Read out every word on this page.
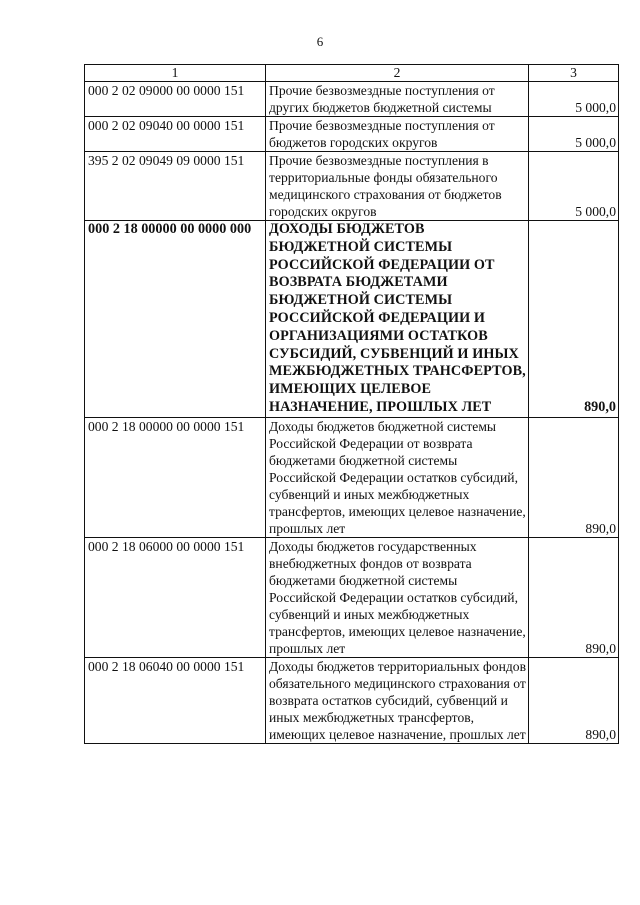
6
1	2	3
000 2 02 09000 00 0000 151	Прочие безвозмездные поступления от других бюджетов бюджетной системы	5 000,0
000 2 02 09040 00 0000 151	Прочие безвозмездные поступления от бюджетов городских округов	5 000,0
395 2 02 09049 09 0000 151	Прочие безвозмездные поступления в территориальные фонды обязательного медицинского страхования от бюджетов городских округов	5 000,0
000 2 18 00000 00 0000 000	ДОХОДЫ БЮДЖЕТОВ БЮДЖЕТНОЙ СИСТЕМЫ РОССИЙСКОЙ ФЕДЕРАЦИИ ОТ ВОЗВРАТА БЮДЖЕТАМИ БЮДЖЕТНОЙ СИСТЕМЫ РОССИЙСКОЙ ФЕДЕРАЦИИ И ОРГАНИЗАЦИЯМИ ОСТАТКОВ СУБСИДИЙ, СУБВЕНЦИЙ И ИНЫХ МЕЖБЮДЖЕТНЫХ ТРАНСФЕРТОВ, ИМЕЮЩИХ ЦЕЛЕВОЕ НАЗНАЧЕНИЕ, ПРОШЛЫХ ЛЕТ	890,0
000 2 18 00000 00 0000 151	Доходы бюджетов бюджетной системы Российской Федерации от возврата бюджетами бюджетной системы Российской Федерации остатков субсидий, субвенций и иных межбюджетных трансфертов, имеющих целевое назначение, прошлых лет	890,0
000 2 18 06000 00 0000 151	Доходы бюджетов государственных внебюджетных фондов от возврата бюджетами бюджетной системы Российской Федерации остатков субсидий, субвенций и иных межбюджетных трансфертов, имеющих целевое назначение, прошлых лет	890,0
000 2 18 06040 00 0000 151	Доходы бюджетов территориальных фондов обязательного медицинского страхования от возврата остатков субсидий, субвенций и иных межбюджетных трансфертов, имеющих целевое назначение, прошлых лет	890,0
